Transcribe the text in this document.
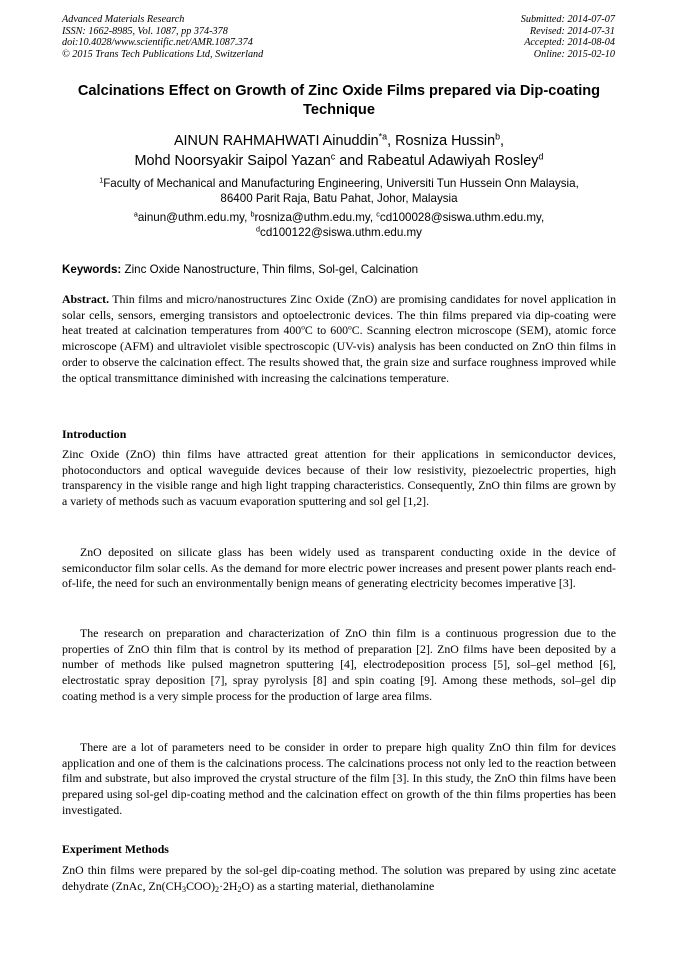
Advanced Materials Research
ISSN: 1662-8985, Vol. 1087, pp 374-378
doi:10.4028/www.scientific.net/AMR.1087.374
© 2015 Trans Tech Publications Ltd, Switzerland
Submitted: 2014-07-07
Revised: 2014-07-31
Accepted: 2014-08-04
Online: 2015-02-10
Calcinations Effect on Growth of Zinc Oxide Films prepared via Dip-coating Technique
AINUN RAHMAHWATI Ainuddin$^{*a}$, Rosniza Hussin$^b$,
Mohd Noorsyakir Saipol Yazan$^c$ and Rabeatul Adawiyah Rosley$^d$
$^1$Faculty of Mechanical and Manufacturing Engineering, Universiti Tun Hussein Onn Malaysia,
86400 Parit Raja, Batu Pahat, Johor, Malaysia
$^a$ainun@uthm.edu.my, $^b$rosniza@uthm.edu.my, $^c$cd100028@siswa.uthm.edu.my,
$^d$cd100122@siswa.uthm.edu.my
Keywords: Zinc Oxide Nanostructure, Thin films, Sol-gel, Calcination
Abstract. Thin films and micro/nanostructures Zinc Oxide (ZnO) are promising candidates for novel application in solar cells, sensors, emerging transistors and optoelectronic devices. The thin films prepared via dip-coating were heat treated at calcination temperatures from 400$^o$C to 600$^o$C. Scanning electron microscope (SEM), atomic force microscope (AFM) and ultraviolet visible spectroscopic (UV-vis) analysis has been conducted on ZnO thin films in order to observe the calcination effect. The results showed that, the grain size and surface roughness improved while the optical transmittance diminished with increasing the calcinations temperature.
Introduction
Zinc Oxide (ZnO) thin films have attracted great attention for their applications in semiconductor devices, photoconductors and optical waveguide devices because of their low resistivity, piezoelectric properties, high transparency in the visible range and high light trapping characteristics. Consequently, ZnO thin films are grown by a variety of methods such as vacuum evaporation sputtering and sol gel [1,2].
ZnO deposited on silicate glass has been widely used as transparent conducting oxide in the device of semiconductor film solar cells. As the demand for more electric power increases and present power plants reach end-of-life, the need for such an environmentally benign means of generating electricity becomes imperative [3].
The research on preparation and characterization of ZnO thin film is a continuous progression due to the properties of ZnO thin film that is control by its method of preparation [2]. ZnO films have been deposited by a number of methods like pulsed magnetron sputtering [4], electrodeposition process [5], sol–gel method [6], electrostatic spray deposition [7], spray pyrolysis [8] and spin coating [9]. Among these methods, sol–gel dip coating method is a very simple process for the production of large area films.
There are a lot of parameters need to be consider in order to prepare high quality ZnO thin film for devices application and one of them is the calcinations process. The calcinations process not only led to the reaction between film and substrate, but also improved the crystal structure of the film [3]. In this study, the ZnO thin films have been prepared using sol-gel dip-coating method and the calcination effect on growth of the thin films properties has been investigated.
Experiment Methods
ZnO thin films were prepared by the sol-gel dip-coating method. The solution was prepared by using zinc acetate dehydrate (ZnAc, $Zn(CH_3COO)_2\cdot 2H_2O$) as a starting material, diethanolamine
